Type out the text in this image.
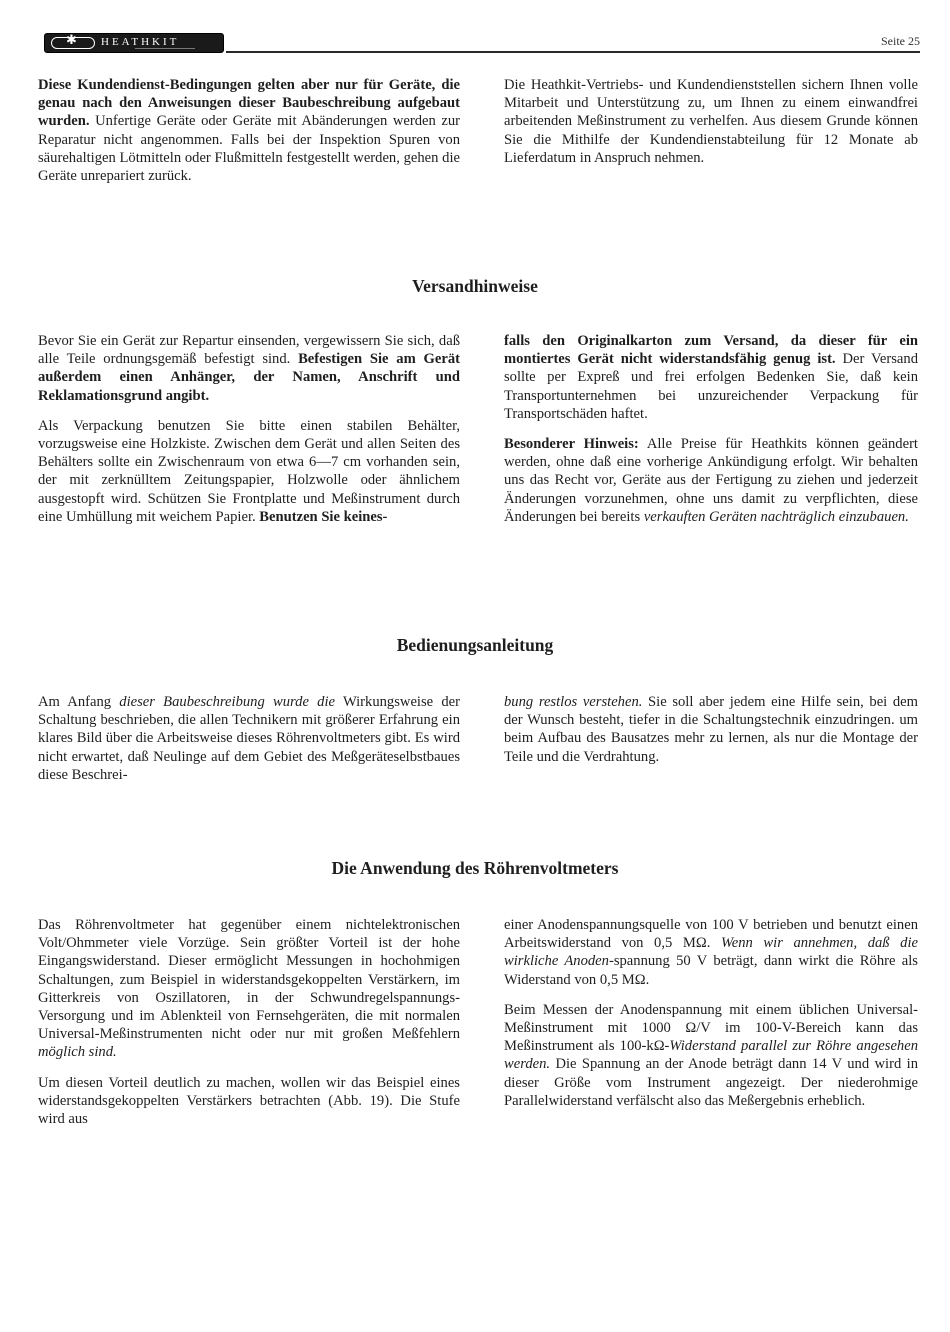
✱
HEATHKIT	Seite 25

Diese Kundendienst-Bedingungen gelten aber nur für Geräte, die genau nach den Anweisungen dieser Baubeschreibung aufgebaut wurden. Unfertige Geräte oder Geräte mit Abänderungen werden zur Reparatur nicht angenommen. Falls bei der Inspektion Spuren von säurehaltigen Lötmitteln oder Flußmitteln festgestellt werden, gehen die Geräte unrepariert zurück.

Die Heathkit-Vertriebs- und Kundendienststellen sichern Ihnen volle Mitarbeit und Unterstützung zu, um Ihnen zu einem einwandfrei arbeitenden Meßinstrument zu verhelfen. Aus diesem Grunde können Sie die Mithilfe der Kundendienstabteilung für 12 Monate ab Lieferdatum in Anspruch nehmen.

Versandhinweise

Bevor Sie ein Gerät zur Repartur einsenden, vergewissern Sie sich, daß alle Teile ordnungsgemäß befestigt sind. Befestigen Sie am Gerät außerdem einen Anhänger, der Namen, Anschrift und Reklamationsgrund angibt.

Als Verpackung benutzen Sie bitte einen stabilen Behälter, vorzugsweise eine Holzkiste. Zwischen dem Gerät und allen Seiten des Behälters sollte ein Zwischenraum von etwa 6—7 cm vorhanden sein, der mit zerknülltem Zeitungspapier, Holzwolle oder ähnlichem ausgestopft wird. Schützen Sie Frontplatte und Meßinstrument durch eine Umhüllung mit weichem Papier. Benutzen Sie keines-

falls den Originalkarton zum Versand, da dieser für ein montiertes Gerät nicht widerstandsfähig genug ist. Der Versand sollte per Expreß und frei erfolgen Bedenken Sie, daß kein Transportunternehmen bei unzureichender Verpackung für Transportschäden haftet.

Besonderer Hinweis: Alle Preise für Heathkits können geändert werden, ohne daß eine vorherige Ankündigung erfolgt. Wir behalten uns das Recht vor, Geräte aus der Fertigung zu ziehen und jederzeit Änderungen vorzunehmen, ohne uns damit zu verpflichten, diese Änderungen bei bereits verkauften Geräten nachträglich einzubauen.

Bedienungsanleitung

Am Anfang dieser Baubeschreibung wurde die Wirkungsweise der Schaltung beschrieben, die allen Technikern mit größerer Erfahrung ein klares Bild über die Arbeitsweise dieses Röhrenvoltmeters gibt. Es wird nicht erwartet, daß Neulinge auf dem Gebiet des Meßgeräteselbstbaues diese Beschrei-

bung restlos verstehen. Sie soll aber jedem eine Hilfe sein, bei dem der Wunsch besteht, tiefer in die Schaltungstechnik einzudringen. um beim Aufbau des Bausatzes mehr zu lernen, als nur die Montage der Teile und die Verdrahtung.

Die Anwendung des Röhrenvoltmeters

Das Röhrenvoltmeter hat gegenüber einem nichtelektronischen Volt/Ohmmeter viele Vorzüge. Sein größter Vorteil ist der hohe Eingangswiderstand. Dieser ermöglicht Messungen in hochohmigen Schaltungen, zum Beispiel in widerstandsgekoppelten Verstärkern, im Gitterkreis von Oszillatoren, in der Schwundregelspannungs-Versorgung und im Ablenkteil von Fernsehgeräten, die mit normalen Universal-Meßinstrumenten nicht oder nur mit großen Meßfehlern möglich sind.

Um diesen Vorteil deutlich zu machen, wollen wir das Beispiel eines widerstandsgekoppelten Verstärkers betrachten (Abb. 19). Die Stufe wird aus

einer Anodenspannungsquelle von 100 V betrieben und benutzt einen Arbeitswiderstand von 0,5 MΩ. Wenn wir annehmen, daß die wirkliche Anoden-spannung 50 V beträgt, dann wirkt die Röhre als Widerstand von 0,5 MΩ.

Beim Messen der Anodenspannung mit einem üblichen Universal-Meßinstrument mit 1000 Ω/V im 100-V-Bereich kann das Meßinstrument als 100-kΩ-Widerstand parallel zur Röhre angesehen werden. Die Spannung an der Anode beträgt dann 14 V und wird in dieser Größe vom Instrument angezeigt. Der niederohmige Parallelwiderstand verfälscht also das Meßergebnis erheblich.
